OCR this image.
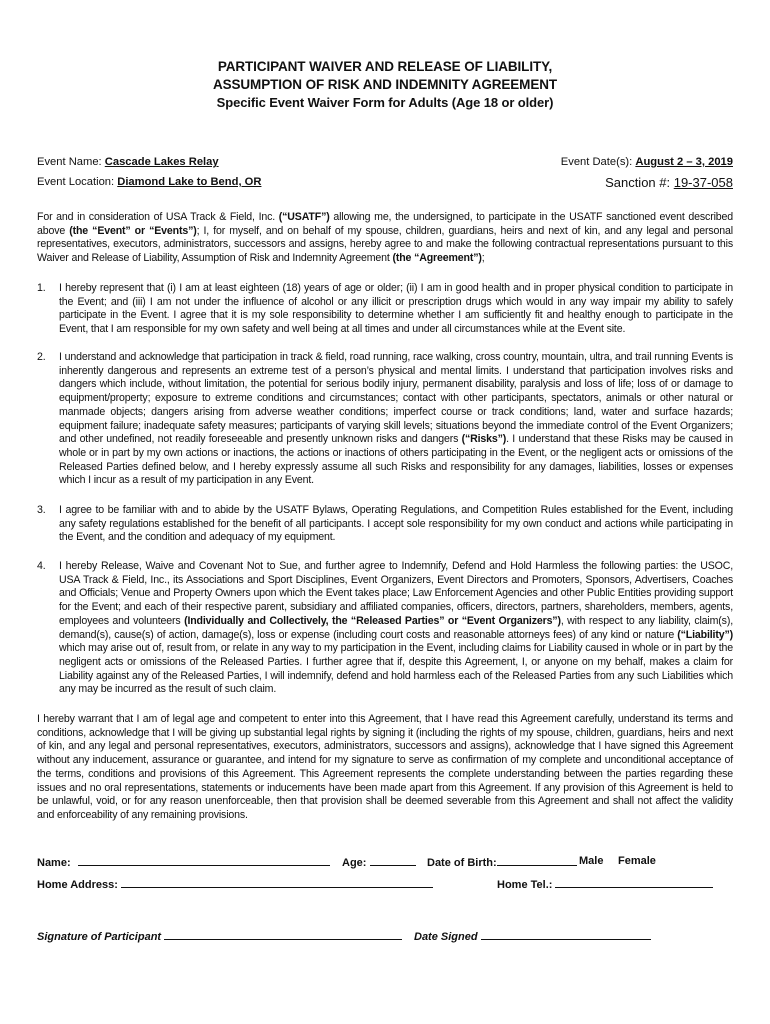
PARTICIPANT WAIVER AND RELEASE OF LIABILITY,
ASSUMPTION OF RISK AND INDEMNITY AGREEMENT
Specific Event Waiver Form for Adults (Age 18 or older)
Event Name: Cascade Lakes Relay	Event Date(s): August 2 – 3, 2019
Event Location: Diamond Lake to Bend, OR	Sanction #: 19-37-058
For and in consideration of USA Track & Field, Inc. (“USATF”) allowing me, the undersigned, to participate in the USATF sanctioned event described above (the “Event” or “Events”); I, for myself, and on behalf of my spouse, children, guardians, heirs and next of kin, and any legal and personal representatives, executors, administrators, successors and assigns, hereby agree to and make the following contractual representations pursuant to this Waiver and Release of Liability, Assumption of Risk and Indemnity Agreement (the “Agreement”);
1. I hereby represent that (i) I am at least eighteen (18) years of age or older; (ii) I am in good health and in proper physical condition to participate in the Event; and (iii) I am not under the influence of alcohol or any illicit or prescription drugs which would in any way impair my ability to safely participate in the Event. I agree that it is my sole responsibility to determine whether I am sufficiently fit and healthy enough to participate in the Event, that I am responsible for my own safety and well being at all times and under all circumstances while at the Event site.
2. I understand and acknowledge that participation in track & field, road running, race walking, cross country, mountain, ultra, and trail running Events is inherently dangerous and represents an extreme test of a person’s physical and mental limits. I understand that participation involves risks and dangers which include, without limitation, the potential for serious bodily injury, permanent disability, paralysis and loss of life; loss of or damage to equipment/property; exposure to extreme conditions and circumstances; contact with other participants, spectators, animals or other natural or manmade objects; dangers arising from adverse weather conditions; imperfect course or track conditions; land, water and surface hazards; equipment failure; inadequate safety measures; participants of varying skill levels; situations beyond the immediate control of the Event Organizers; and other undefined, not readily foreseeable and presently unknown risks and dangers (“Risks”). I understand that these Risks may be caused in whole or in part by my own actions or inactions, the actions or inactions of others participating in the Event, or the negligent acts or omissions of the Released Parties defined below, and I hereby expressly assume all such Risks and responsibility for any damages, liabilities, losses or expenses which I incur as a result of my participation in any Event.
3. I agree to be familiar with and to abide by the USATF Bylaws, Operating Regulations, and Competition Rules established for the Event, including any safety regulations established for the benefit of all participants. I accept sole responsibility for my own conduct and actions while participating in the Event, and the condition and adequacy of my equipment.
4. I hereby Release, Waive and Covenant Not to Sue, and further agree to Indemnify, Defend and Hold Harmless the following parties: the USOC, USA Track & Field, Inc., its Associations and Sport Disciplines, Event Organizers, Event Directors and Promoters, Sponsors, Advertisers, Coaches and Officials; Venue and Property Owners upon which the Event takes place; Law Enforcement Agencies and other Public Entities providing support for the Event; and each of their respective parent, subsidiary and affiliated companies, officers, directors, partners, shareholders, members, agents, employees and volunteers (Individually and Collectively, the “Released Parties” or “Event Organizers”), with respect to any liability, claim(s), demand(s), cause(s) of action, damage(s), loss or expense (including court costs and reasonable attorneys fees) of any kind or nature (“Liability”) which may arise out of, result from, or relate in any way to my participation in the Event, including claims for Liability caused in whole or in part by the negligent acts or omissions of the Released Parties. I further agree that if, despite this Agreement, I, or anyone on my behalf, makes a claim for Liability against any of the Released Parties, I will indemnify, defend and hold harmless each of the Released Parties from any such Liabilities which any may be incurred as the result of such claim.
I hereby warrant that I am of legal age and competent to enter into this Agreement, that I have read this Agreement carefully, understand its terms and conditions, acknowledge that I will be giving up substantial legal rights by signing it (including the rights of my spouse, children, guardians, heirs and next of kin, and any legal and personal representatives, executors, administrators, successors and assigns), acknowledge that I have signed this Agreement without any inducement, assurance or guarantee, and intend for my signature to serve as confirmation of my complete and unconditional acceptance of the terms, conditions and provisions of this Agreement. This Agreement represents the complete understanding between the parties regarding these issues and no oral representations, statements or inducements have been made apart from this Agreement. If any provision of this Agreement is held to be unlawful, void, or for any reason unenforceable, then that provision shall be deemed severable from this Agreement and shall not affect the validity and enforceability of any remaining provisions.
Name:	Age:	Date of Birth:	Male Female
Home Address:	Home Tel.:
Signature of Participant	Date Signed
